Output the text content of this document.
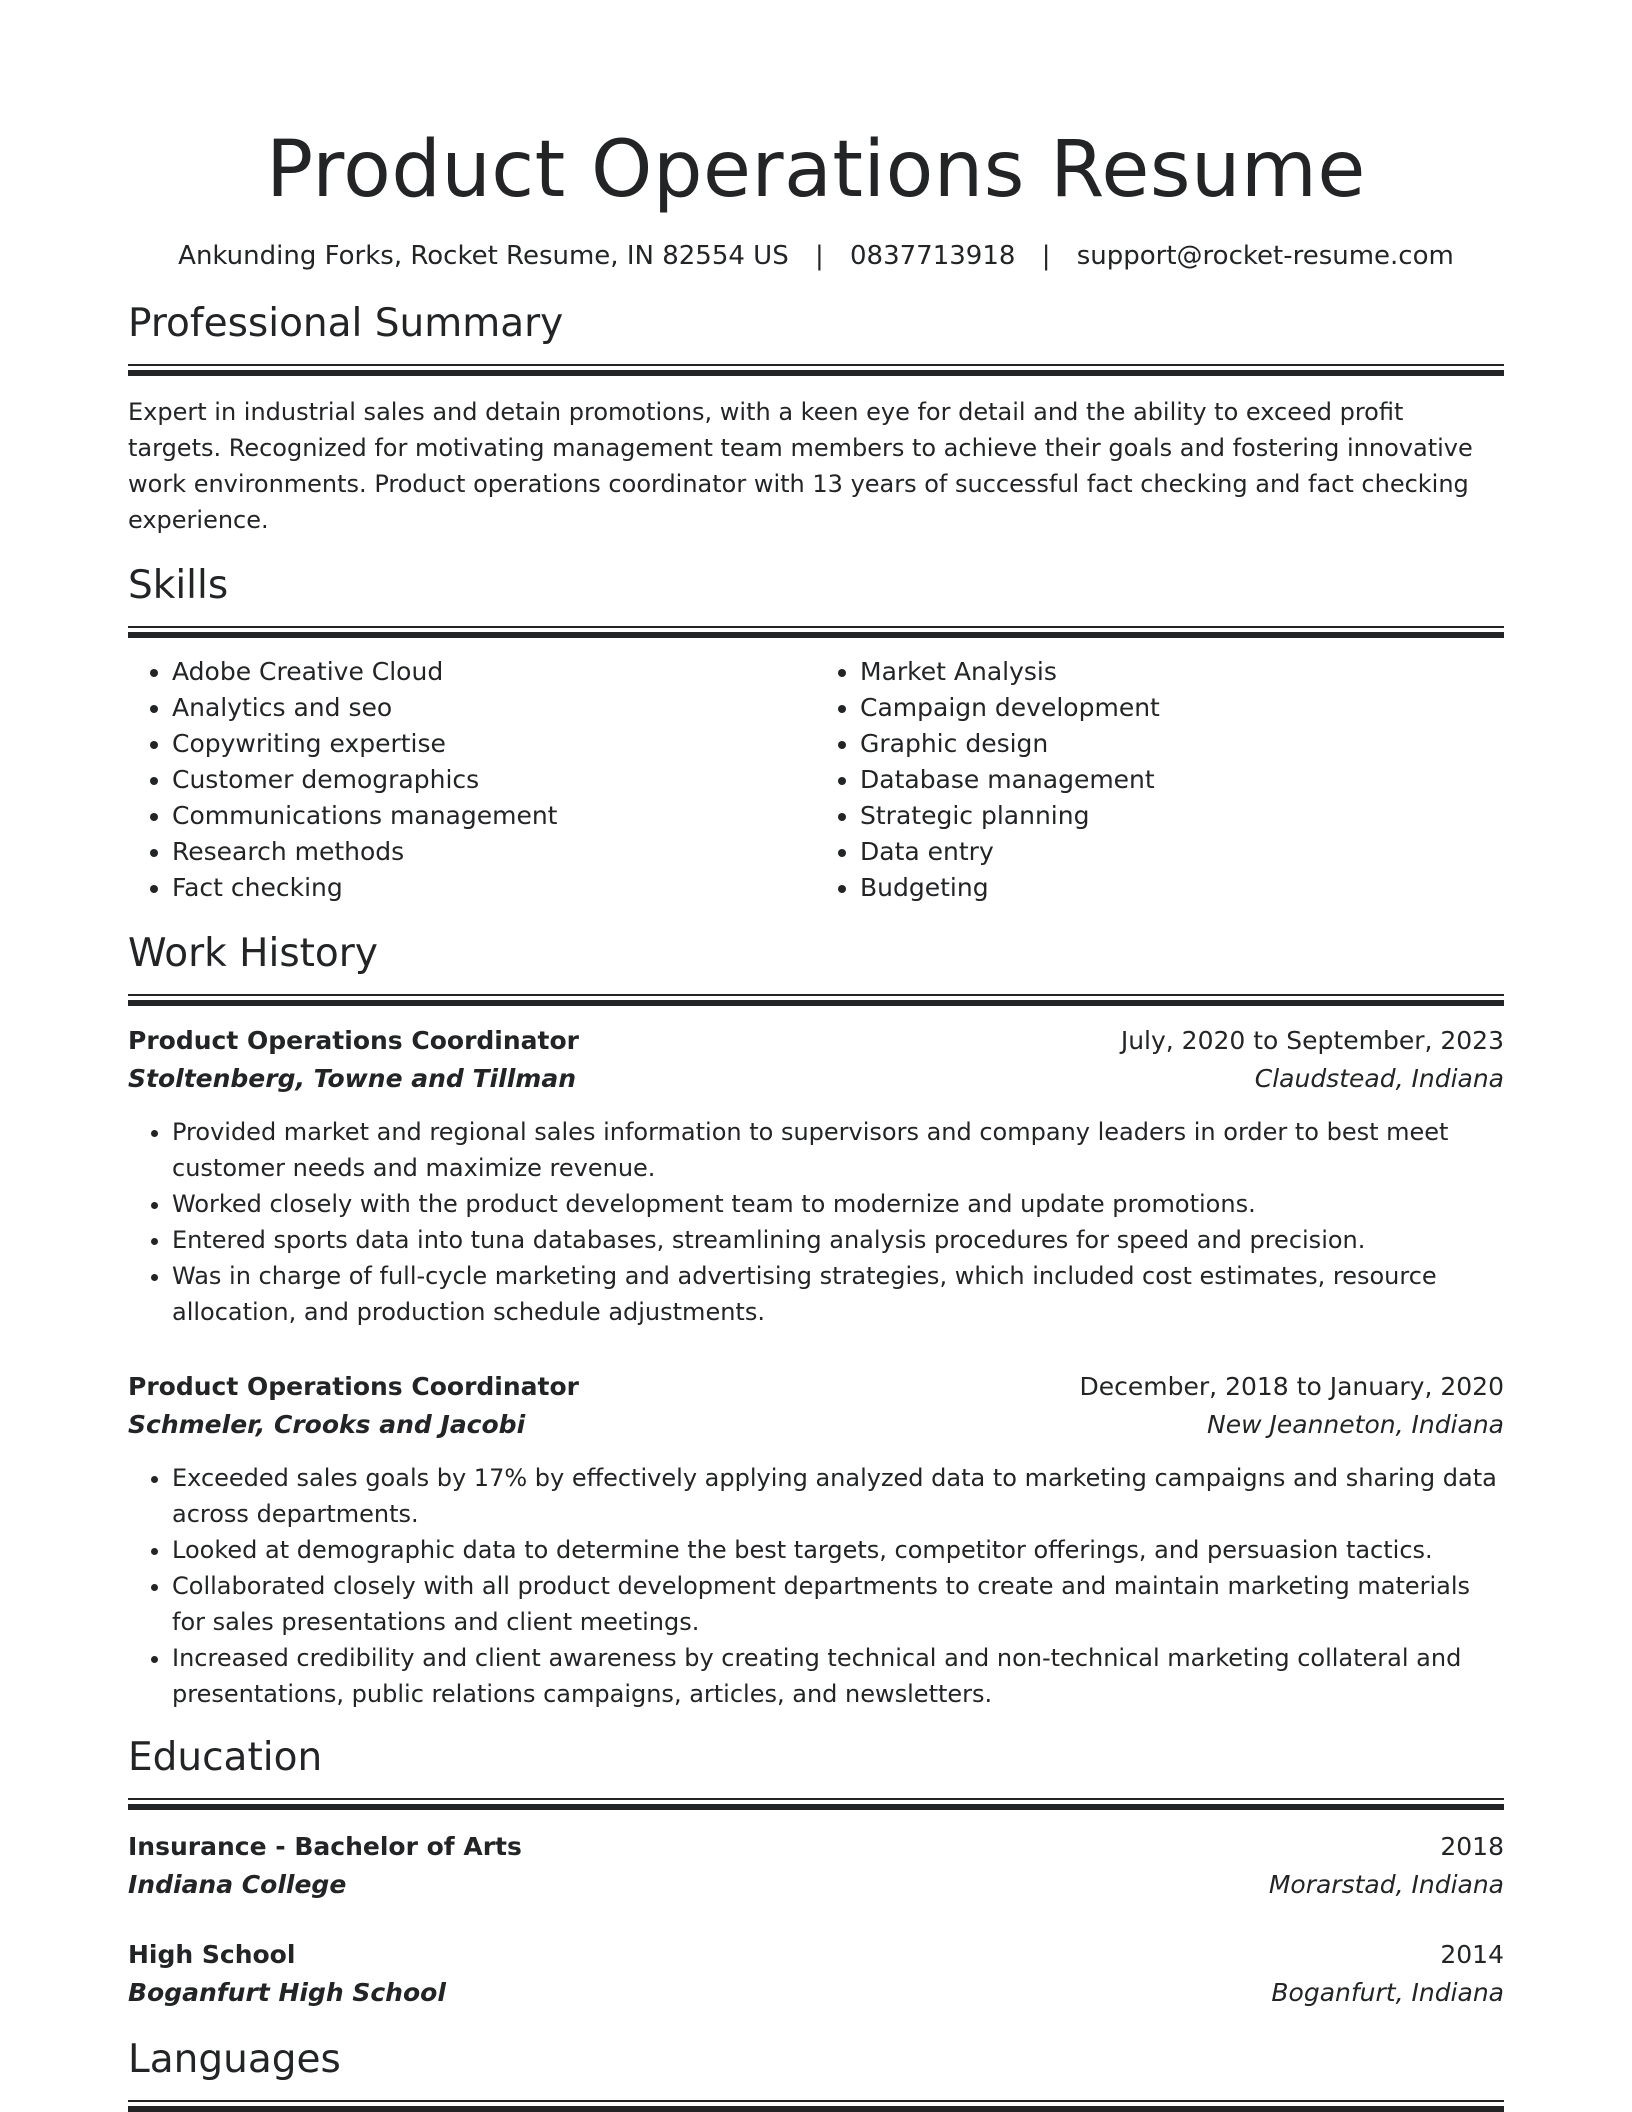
Product Operations Resume
Ankunding Forks, Rocket Resume, IN 82554 US | 0837713918 | support@rocket-resume.com
Professional Summary
Expert in industrial sales and detain promotions, with a keen eye for detail and the ability to exceed profit targets. Recognized for motivating management team members to achieve their goals and fostering innovative work environments. Product operations coordinator with 13 years of successful fact checking and fact checking experience.
Skills
• Adobe Creative Cloud
• Analytics and seo
• Copywriting expertise
• Customer demographics
• Communications management
• Research methods
• Fact checking
• Market Analysis
• Campaign development
• Graphic design
• Database management
• Strategic planning
• Data entry
• Budgeting
Work History
Product Operations Coordinator	July, 2020 to September, 2023
Stoltenberg, Towne and Tillman	Claudstead, Indiana
• Provided market and regional sales information to supervisors and company leaders in order to best meet customer needs and maximize revenue.
• Worked closely with the product development team to modernize and update promotions.
• Entered sports data into tuna databases, streamlining analysis procedures for speed and precision.
• Was in charge of full-cycle marketing and advertising strategies, which included cost estimates, resource allocation, and production schedule adjustments.
Product Operations Coordinator	December, 2018 to January, 2020
Schmeler, Crooks and Jacobi	New Jeanneton, Indiana
• Exceeded sales goals by 17% by effectively applying analyzed data to marketing campaigns and sharing data across departments.
• Looked at demographic data to determine the best targets, competitor offerings, and persuasion tactics.
• Collaborated closely with all product development departments to create and maintain marketing materials for sales presentations and client meetings.
• Increased credibility and client awareness by creating technical and non-technical marketing collateral and presentations, public relations campaigns, articles, and newsletters.
Education
Insurance - Bachelor of Arts	2018
Indiana College	Morarstad, Indiana
High School	2014
Boganfurt High School	Boganfurt, Indiana
Languages
